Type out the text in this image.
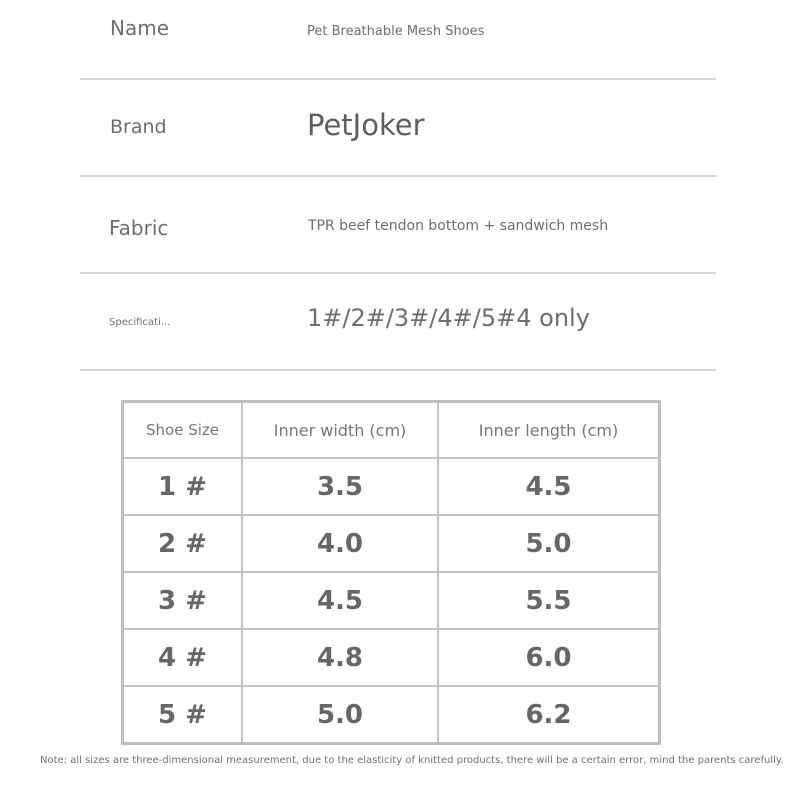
Name	Pet Breathable Mesh Shoes
Brand	PetJoker
Fabric	TPR beef tendon bottom + sandwich mesh
Specificati...	1#/2#/3#/4#/5#4 only
Shoe Size	Inner width (cm)	Inner length (cm)
1 #	3.5	4.5
2 #	4.0	5.0
3 #	4.5	5.5
4 #	4.8	6.0
5 #	5.0	6.2
Note: all sizes are three-dimensional measurement, due to the elasticity of knitted products, there will be a certain error, mind the parents carefully.
